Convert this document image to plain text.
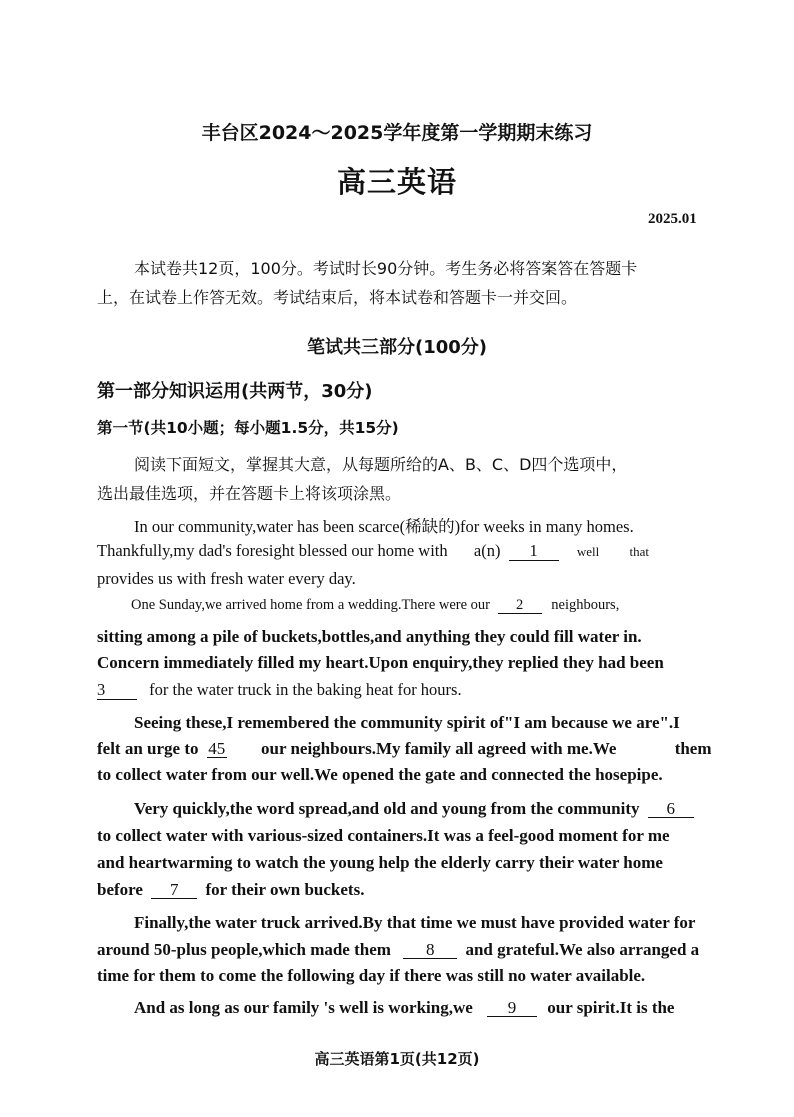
丰台区2024～2025学年度第一学期期末练习
高三英语
2025.01
本试卷共12页，100分。考试时长90分钟。考生务必将答案答在答题卡
上，在试卷上作答无效。考试结束后，将本试卷和答题卡一并交回。
笔试共三部分(100分)
第一部分知识运用(共两节，30分)
第一节(共10小题；每小题1.5分，共15分)
阅读下面短文，掌握其大意，从每题所给的A、B、C、D四个选项中，
选出最佳选项，并在答题卡上将该项涂黑。
In our community,water has been scarce(稀缺的)for weeks in many homes.
Thankfully,my dad's foresight blessed our home with a(n) 1	well that
provides us with fresh water every day.
One Sunday,we arrived home from a wedding.There were our 2 neighbours,
sitting among a pile of buckets,bottles,and anything they could fill water in.
Concern immediately filled my heart.Upon enquiry,they replied they had been
3	for the water truck in the baking heat for hours.
Seeing these,I remembered the community spirit of"I am because we are".I
felt an urge to 45 our neighbours.My family all agreed with me.We	them
to collect water from our well.We opened the gate and connected the hosepipe.
Very quickly,the word spread,and old and young from the community 6
to collect water with various-sized containers.It was a feel-good moment for me
and heartwarming to watch the young help the elderly carry their water home
before 7 for their own buckets.
Finally,the water truck arrived.By that time we must have provided water for
around 50-plus people,which made them 8 and grateful.We also arranged a
time for them to come the following day if there was still no water available.
And as long as our family 's well is working,we 9 our spirit.It is the
高三英语第1页(共12页)
